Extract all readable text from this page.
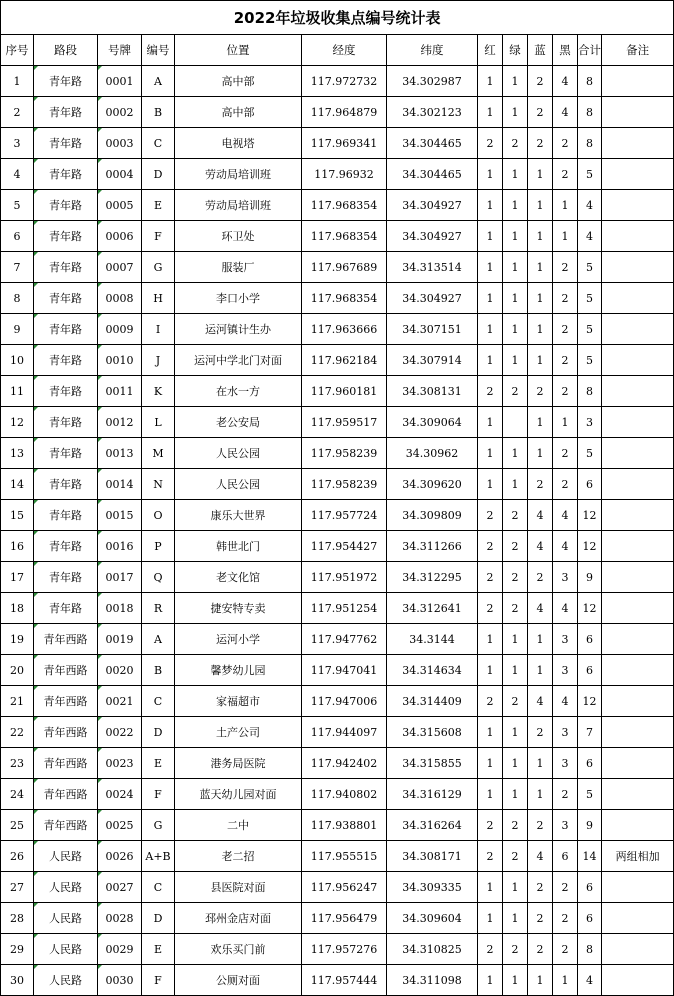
2022年垃圾收集点编号统计表												
序号	路段	号牌	编号	位置	经度	纬度	红	绿	蓝	黑	合计	备注
1	青年路	0001	A	高中部	117.972732	34.302987	1	1	2	4	8	
2	青年路	0002	B	高中部	117.964879	34.302123	1	1	2	4	8	
3	青年路	0003	C	电视塔	117.969341	34.304465	2	2	2	2	8	
4	青年路	0004	D	劳动局培训班	117.96932	34.304465	1	1	1	2	5	
5	青年路	0005	E	劳动局培训班	117.968354	34.304927	1	1	1	1	4	
6	青年路	0006	F	环卫处	117.968354	34.304927	1	1	1	1	4	
7	青年路	0007	G	服装厂	117.967689	34.313514	1	1	1	2	5	
8	青年路	0008	H	李口小学	117.968354	34.304927	1	1	1	2	5	
9	青年路	0009	I	运河镇计生办	117.963666	34.307151	1	1	1	2	5	
10	青年路	0010	J	运河中学北门对面	117.962184	34.307914	1	1	1	2	5	
11	青年路	0011	K	在水一方	117.960181	34.308131	2	2	2	2	8	
12	青年路	0012	L	老公安局	117.959517	34.309064	1		1	1	3	
13	青年路	0013	M	人民公园	117.958239	34.30962	1	1	1	2	5	
14	青年路	0014	N	人民公园	117.958239	34.309620	1	1	2	2	6	
15	青年路	0015	O	康乐大世界	117.957724	34.309809	2	2	4	4	12	
16	青年路	0016	P	韩世北门	117.954427	34.311266	2	2	4	4	12	
17	青年路	0017	Q	老文化馆	117.951972	34.312295	2	2	2	3	9	
18	青年路	0018	R	捷安特专卖	117.951254	34.312641	2	2	4	4	12	
19	青年西路	0019	A	运河小学	117.947762	34.3144	1	1	1	3	6	
20	青年西路	0020	B	馨梦幼儿园	117.947041	34.314634	1	1	1	3	6	
21	青年西路	0021	C	家福超市	117.947006	34.314409	2	2	4	4	12	
22	青年西路	0022	D	土产公司	117.944097	34.315608	1	1	2	3	7	
23	青年西路	0023	E	港务局医院	117.942402	34.315855	1	1	1	3	6	
24	青年西路	0024	F	蓝天幼儿园对面	117.940802	34.316129	1	1	1	2	5	
25	青年西路	0025	G	二中	117.938801	34.316264	2	2	2	3	9	
26	人民路	0026	A+B	老二招	117.955515	34.308171	2	2	4	6	14	两组相加
27	人民路	0027	C	县医院对面	117.956247	34.309335	1	1	2	2	6	
28	人民路	0028	D	邳州金店对面	117.956479	34.309604	1	1	2	2	6	
29	人民路	0029	E	欢乐买门前	117.957276	34.310825	2	2	2	2	8	
30	人民路	0030	F	公厕对面	117.957444	34.311098	1	1	1	1	4	
